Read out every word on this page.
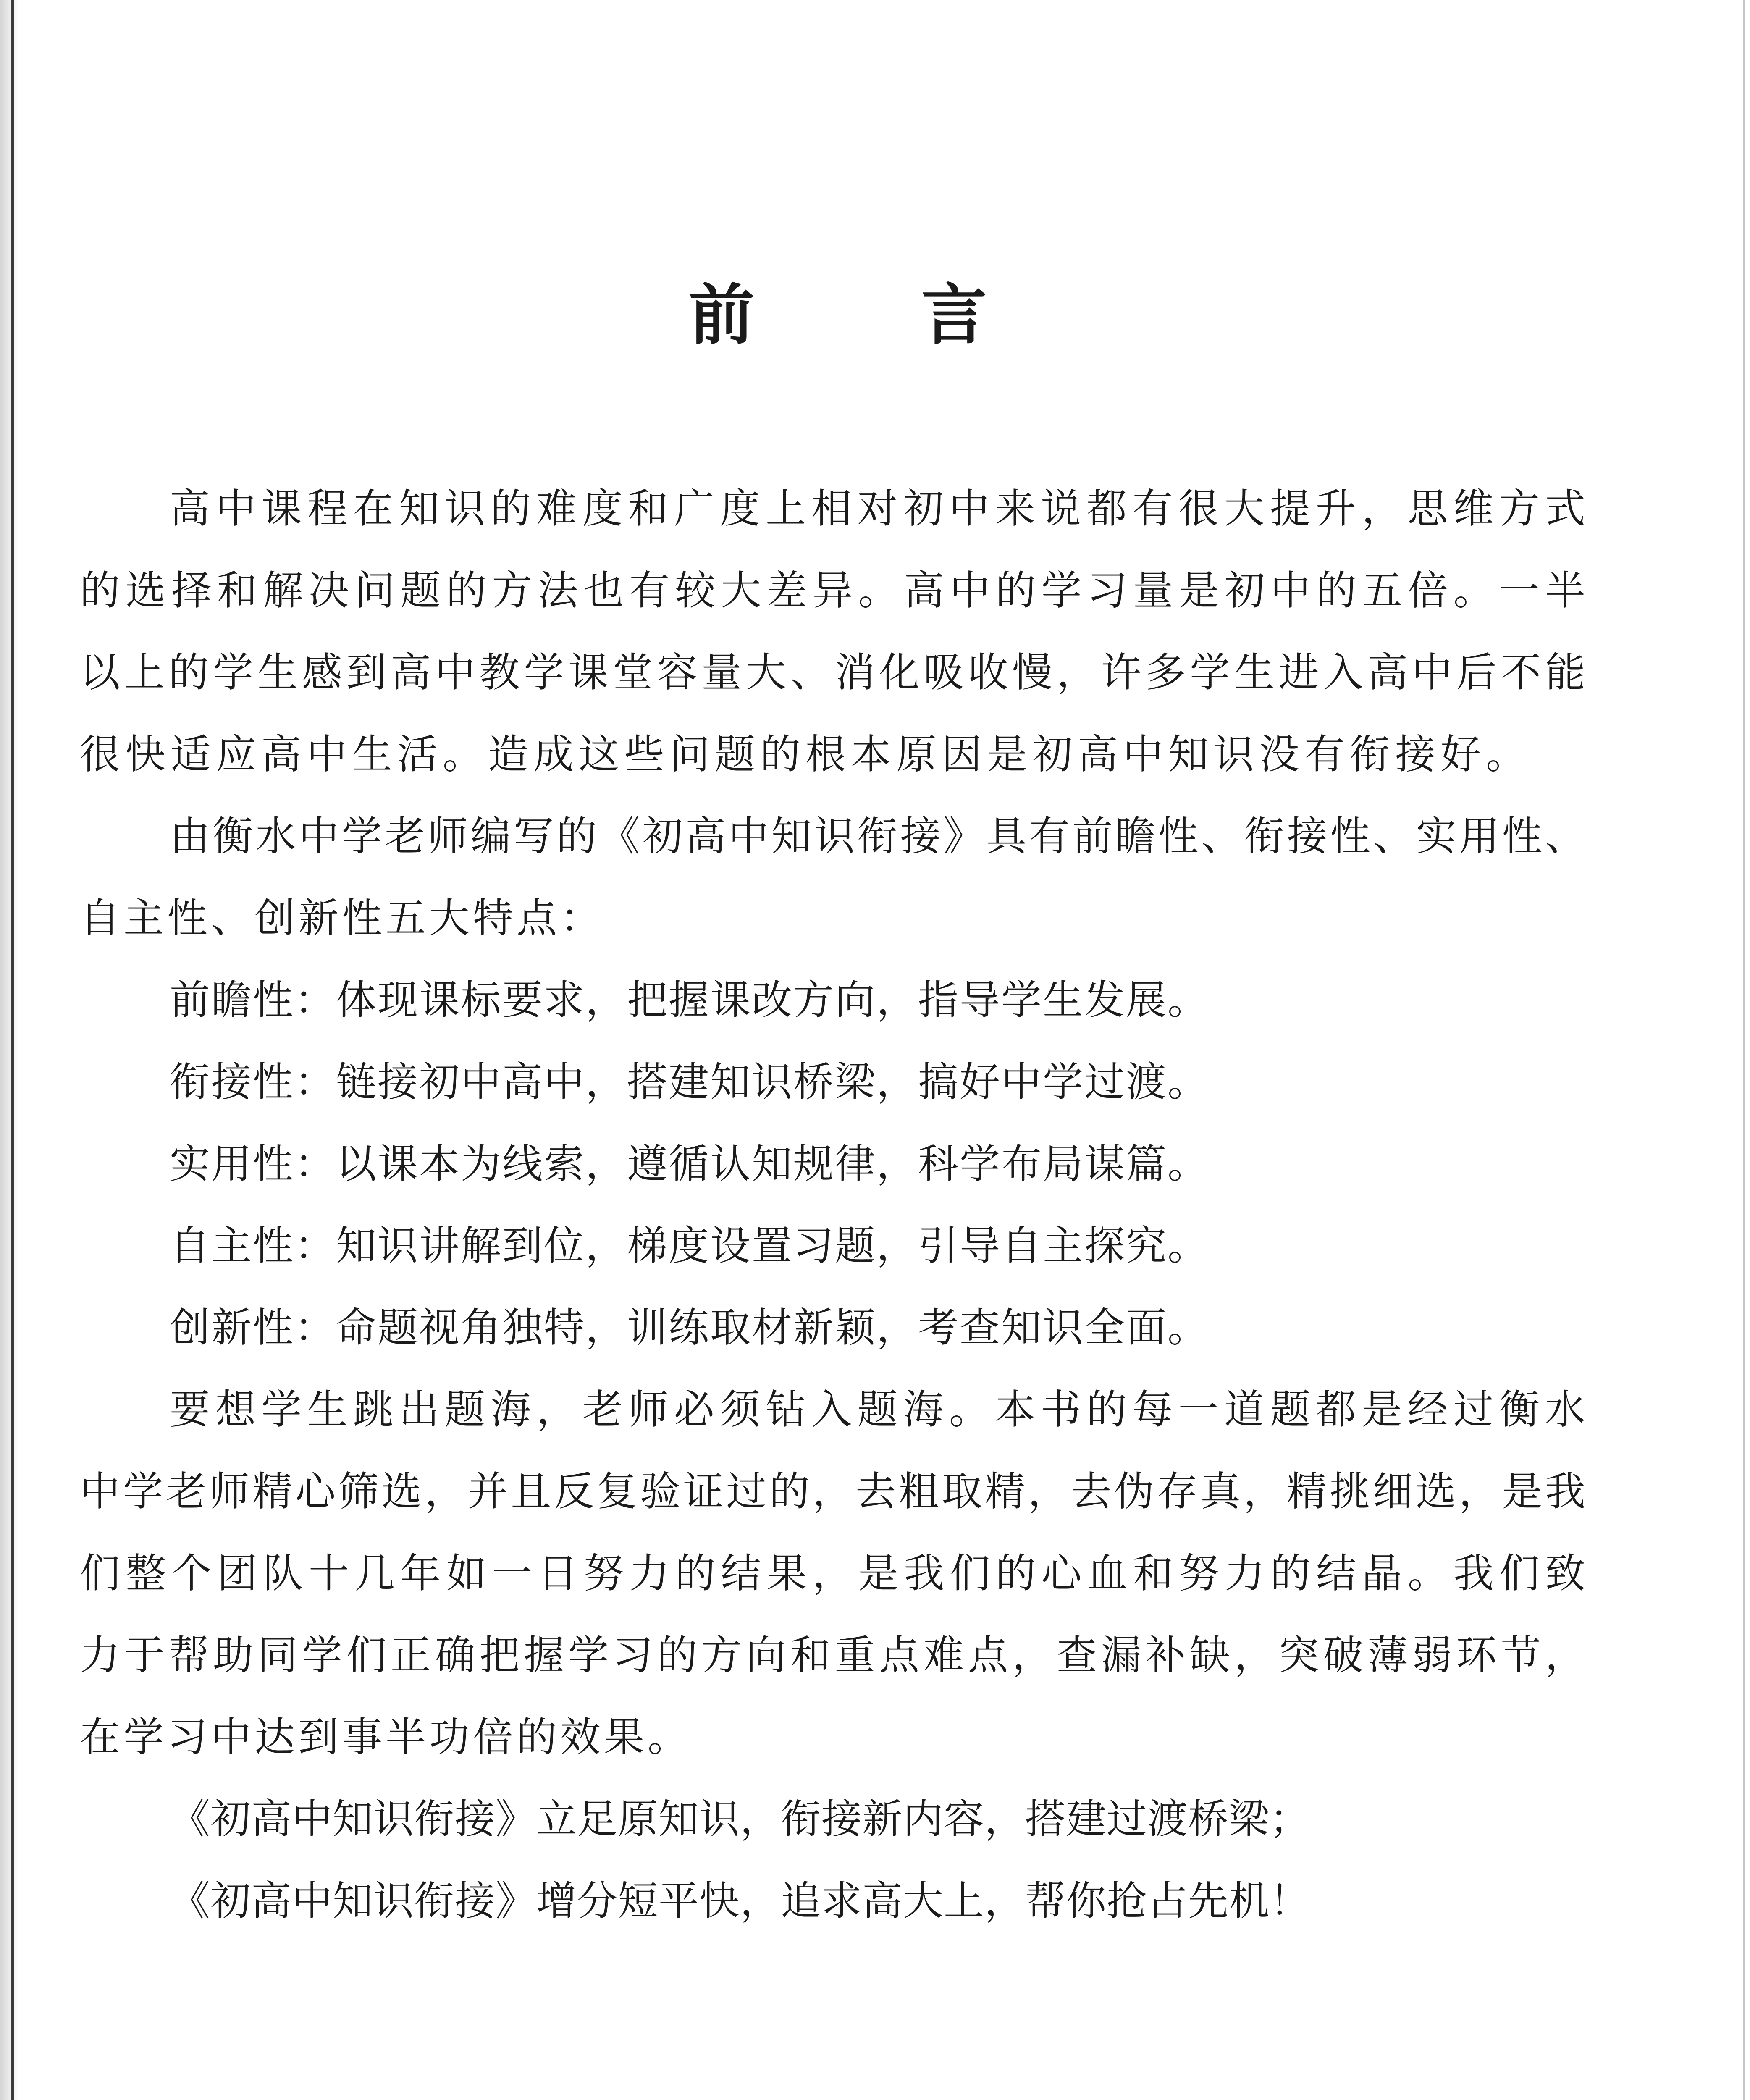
前言
高中课程在知识的难度和广度上相对初中来说都有很大提升，思维方式
的选择和解决问题的方法也有较大差异。高中的学习量是初中的五倍。一半
以上的学生感到高中教学课堂容量大、消化吸收慢，许多学生进入高中后不能
很快适应高中生活。造成这些问题的根本原因是初高中知识没有衔接好。
由衡水中学老师编写的《初高中知识衔接》具有前瞻性、衔接性、实用性、
自主性、创新性五大特点：
前瞻性：体现课标要求，把握课改方向，指导学生发展。
衔接性：链接初中高中，搭建知识桥梁，搞好中学过渡。
实用性：以课本为线索，遵循认知规律，科学布局谋篇。
自主性：知识讲解到位，梯度设置习题，引导自主探究。
创新性：命题视角独特，训练取材新颖，考查知识全面。
要想学生跳出题海，老师必须钻入题海。本书的每一道题都是经过衡水
中学老师精心筛选，并且反复验证过的，去粗取精，去伪存真，精挑细选，是我
们整个团队十几年如一日努力的结果，是我们的心血和努力的结晶。我们致
力于帮助同学们正确把握学习的方向和重点难点，查漏补缺，突破薄弱环节，
在学习中达到事半功倍的效果。
《初高中知识衔接》立足原知识，衔接新内容，搭建过渡桥梁；
《初高中知识衔接》增分短平快，追求高大上，帮你抢占先机！
